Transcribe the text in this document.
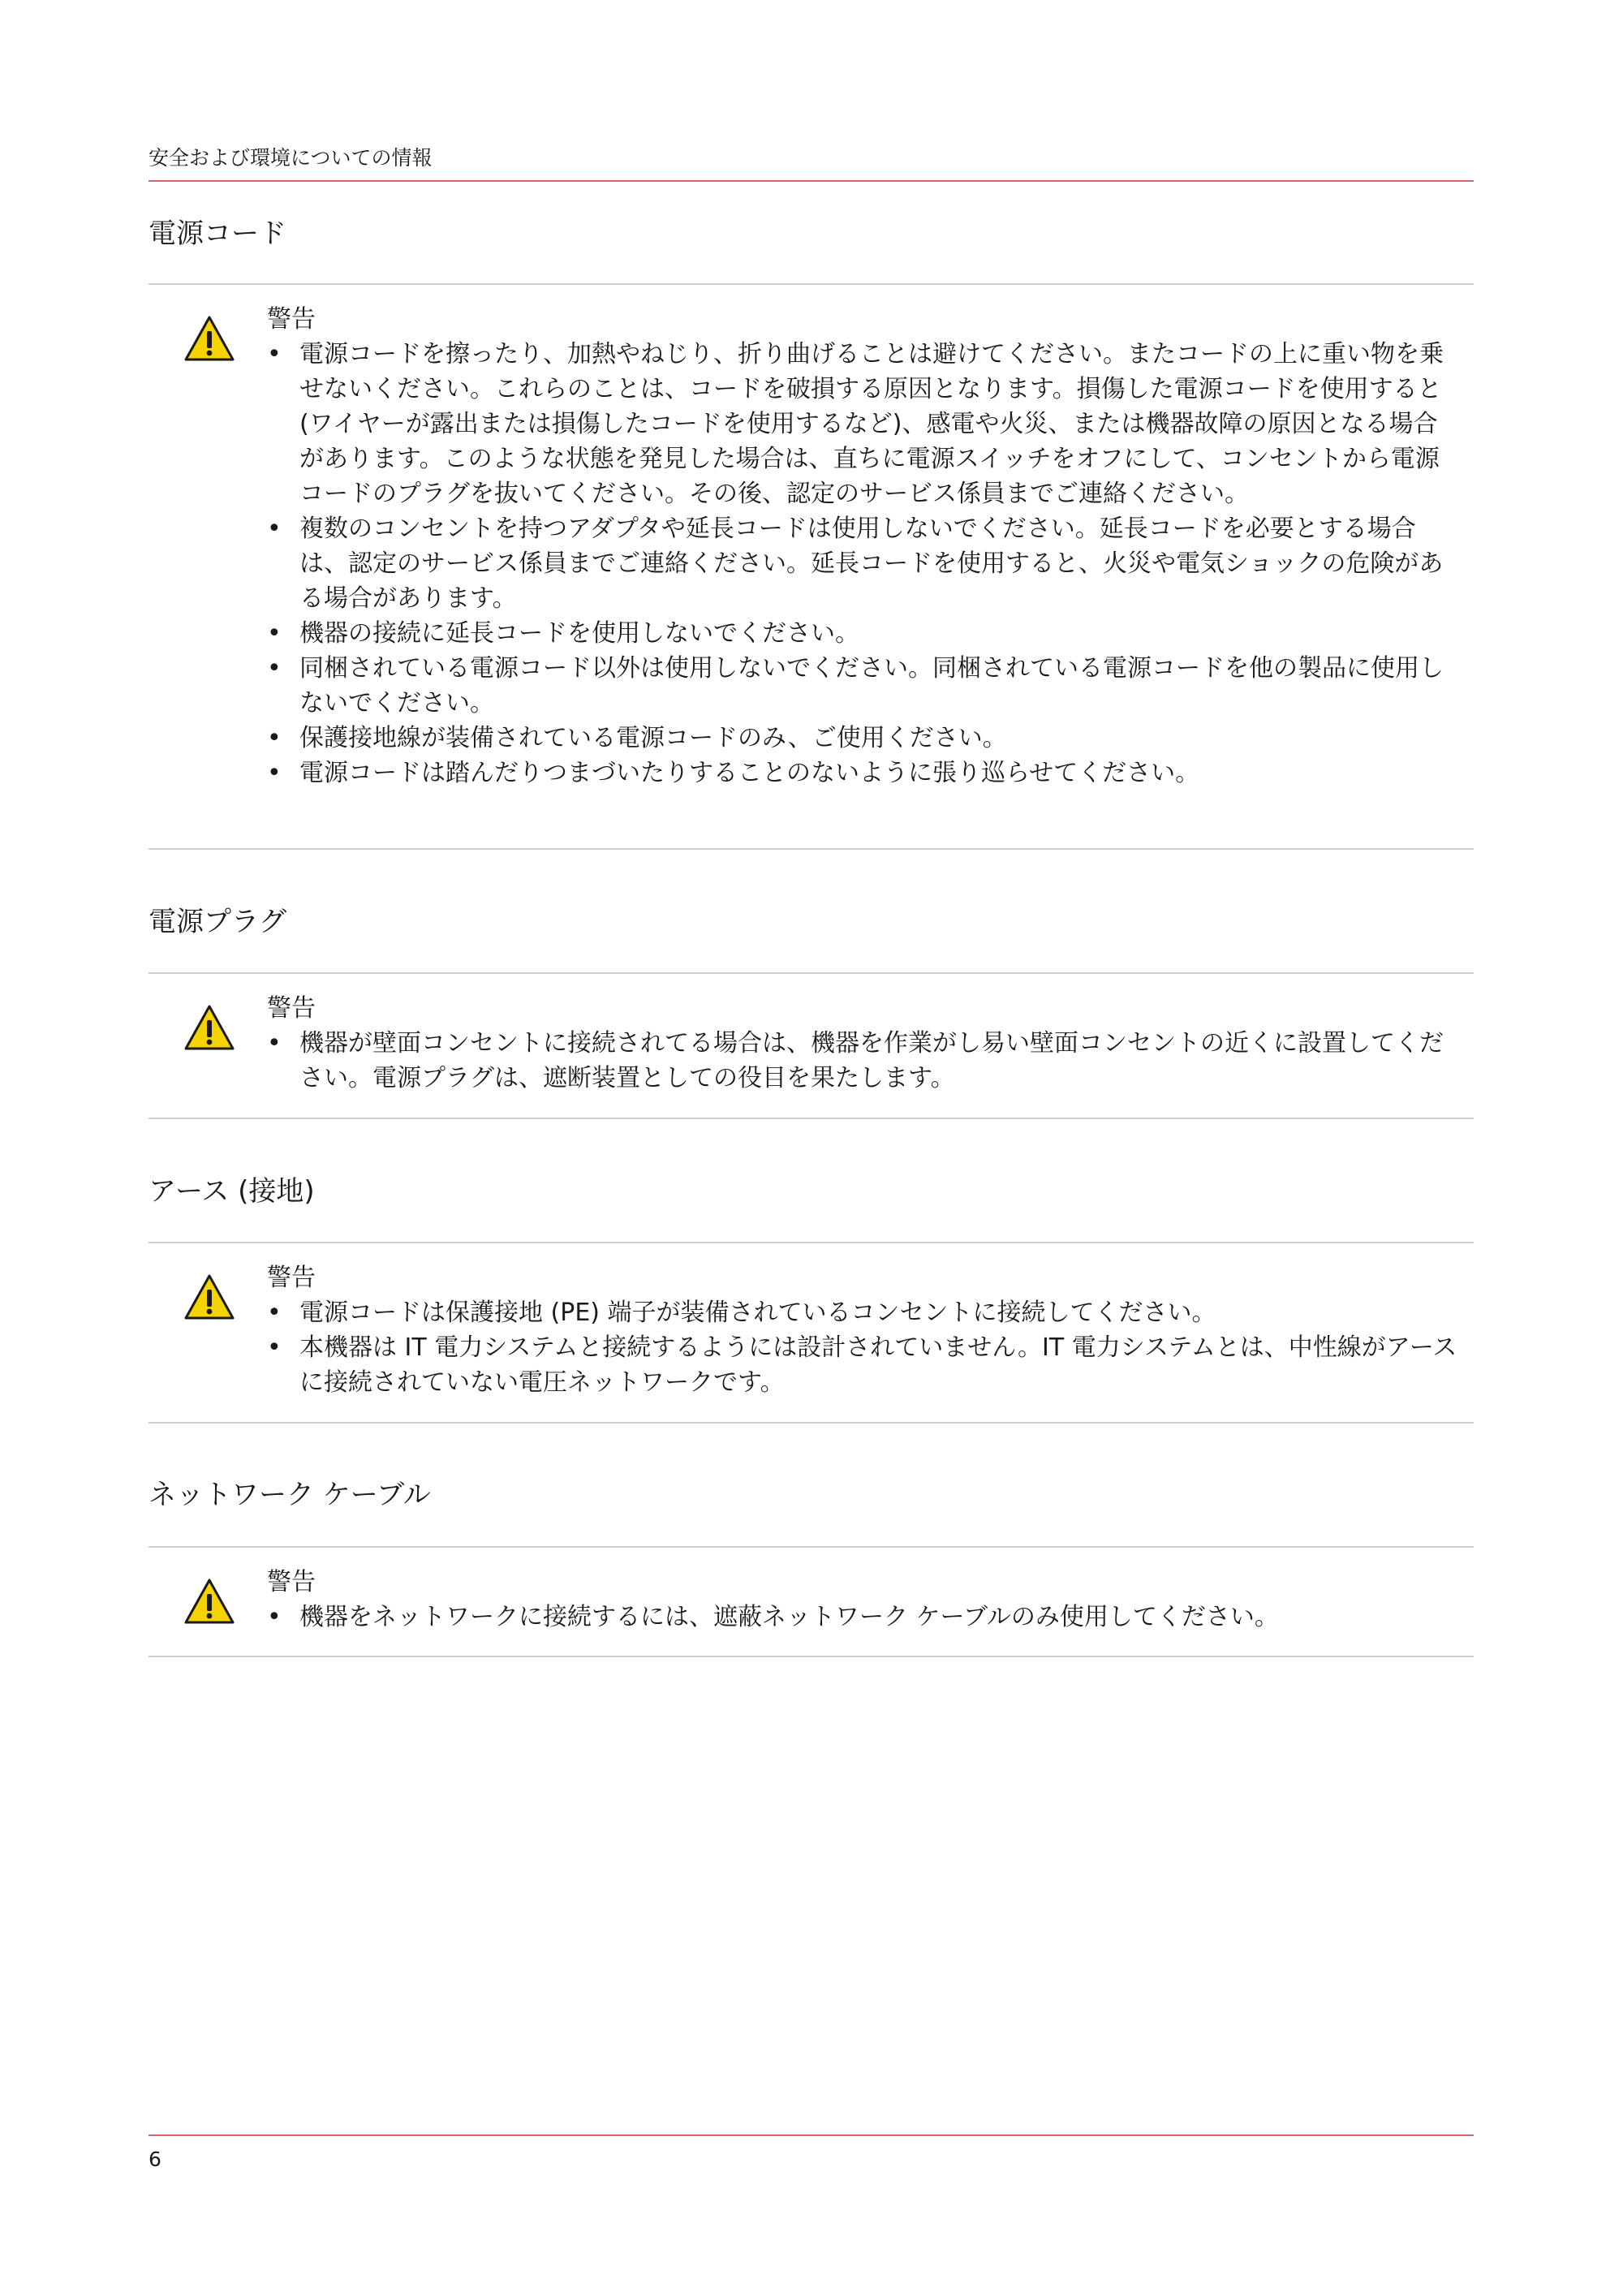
安全および環境についての情報
電源コード
警告
• 電源コードを擦ったり、加熱やねじり、折り曲げることは避けてください。またコードの上に重い物を乗せないください。これらのことは、コードを破損する原因となります。損傷した電源コードを使用すると (ワイヤーが露出または損傷したコードを使用するなど)、感電や火災、または機器故障の原因となる場合があります。このような状態を発見した場合は、直ちに電源スイッチをオフにして、コンセントから電源コードのプラグを抜いてください。その後、認定のサービス係員までご連絡ください。
• 複数のコンセントを持つアダプタや延長コードは使用しないでください。延長コードを必要とする場合は、認定のサービス係員までご連絡ください。延長コードを使用すると、火災や電気ショックの危険がある場合があります。
• 機器の接続に延長コードを使用しないでください。
• 同梱されている電源コード以外は使用しないでください。同梱されている電源コードを他の製品に使用しないでください。
• 保護接地線が装備されている電源コードのみ、ご使用ください。
• 電源コードは踏んだりつまづいたりすることのないように張り巡らせてください。
電源プラグ
警告
• 機器が壁面コンセントに接続されてる場合は、機器を作業がし易い壁面コンセントの近くに設置してください。電源プラグは、遮断装置としての役目を果たします。
アース (接地)
警告
• 電源コードは保護接地 (PE) 端子が装備されているコンセントに接続してください。
• 本機器は IT 電力システムと接続するようには設計されていません。IT 電力システムとは、中性線がアースに接続されていない電圧ネットワークです。
ネットワーク ケーブル
警告
• 機器をネットワークに接続するには、遮蔽ネットワーク ケーブルのみ使用してください。
6
